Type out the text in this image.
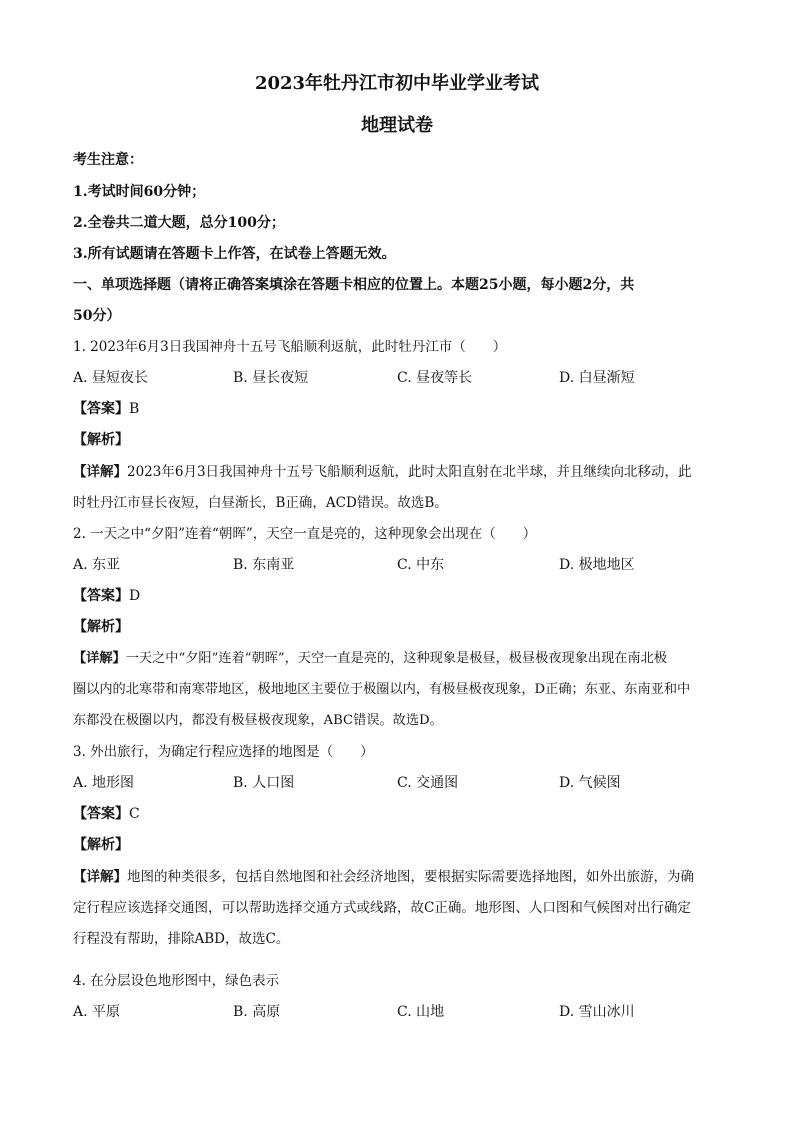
2023年牡丹江市初中毕业学业考试
地理试卷
考生注意：
1.考试时间60分钟；
2.全卷共二道大题，总分100分；
3.所有试题请在答题卡上作答，在试卷上答题无效。
一、单项选择题（请将正确答案填涂在答题卡相应的位置上。本题25小题，每小题2分，共
50分）
1. 2023年6月3日我国神舟十五号飞船顺利返航，此时牡丹江市（　　）
A. 昼短夜长	B. 昼长夜短	C. 昼夜等长	D. 白昼渐短
【答案】B
【解析】
【详解】2023年6月3日我国神舟十五号飞船顺利返航，此时太阳直射在北半球，并且继续向北移动，此
时牡丹江市昼长夜短，白昼渐长，B正确，ACD错误。故选B。
2. 一天之中“夕阳”连着“朝晖”，天空一直是亮的，这种现象会出现在（　　）
A. 东亚	B. 东南亚	C. 中东	D. 极地地区
【答案】D
【解析】
【详解】一天之中“夕阳”连着“朝晖”，天空一直是亮的，这种现象是极昼，极昼极夜现象出现在南北极
圈以内的北寒带和南寒带地区，极地地区主要位于极圈以内，有极昼极夜现象，D正确；东亚、东南亚和中
东都没在极圈以内，都没有极昼极夜现象，ABC错误。故选D。
3. 外出旅行，为确定行程应选择的地图是（　　）
A. 地形图	B. 人口图	C. 交通图	D. 气候图
【答案】C
【解析】
【详解】地图的种类很多，包括自然地图和社会经济地图，要根据实际需要选择地图，如外出旅游，为确
定行程应该选择交通图，可以帮助选择交通方式或线路，故C正确。地形图、人口图和气候图对出行确定
行程没有帮助，排除ABD，故选C。
4. 在分层设色地形图中，绿色表示
A. 平原	B. 高原	C. 山地	D. 雪山冰川
